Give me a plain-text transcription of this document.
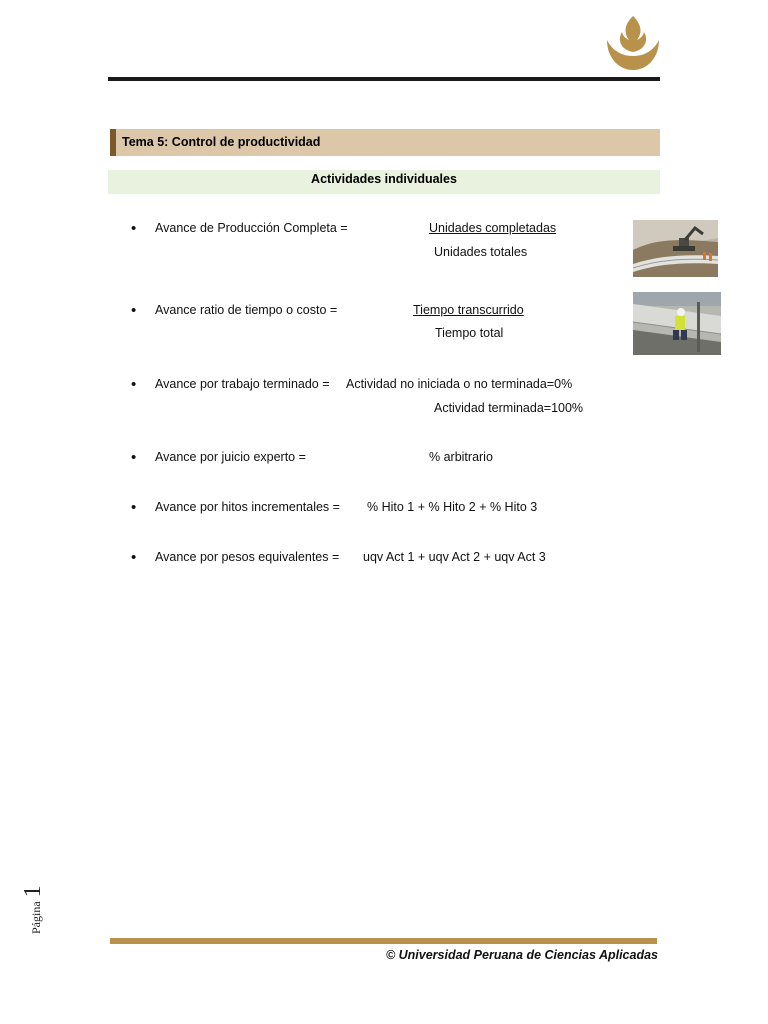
Tema 5: Control de productividad
Actividades individuales
• Avance de Producción Completa =	Unidades completadas
Unidades totales
• Avance ratio de tiempo o costo =	Tiempo transcurrido
Tiempo total
• Avance por trabajo terminado = Actividad no iniciada o no terminada=0%
Actividad terminada=100%
• Avance por juicio experto =	% arbitrario
• Avance por hitos incrementales = % Hito 1 + % Hito 2 + % Hito 3
• Avance por pesos equivalentes = uqv Act 1 + uqv Act 2 + uqv Act 3
Página 1
© Universidad Peruana de Ciencias Aplicadas
